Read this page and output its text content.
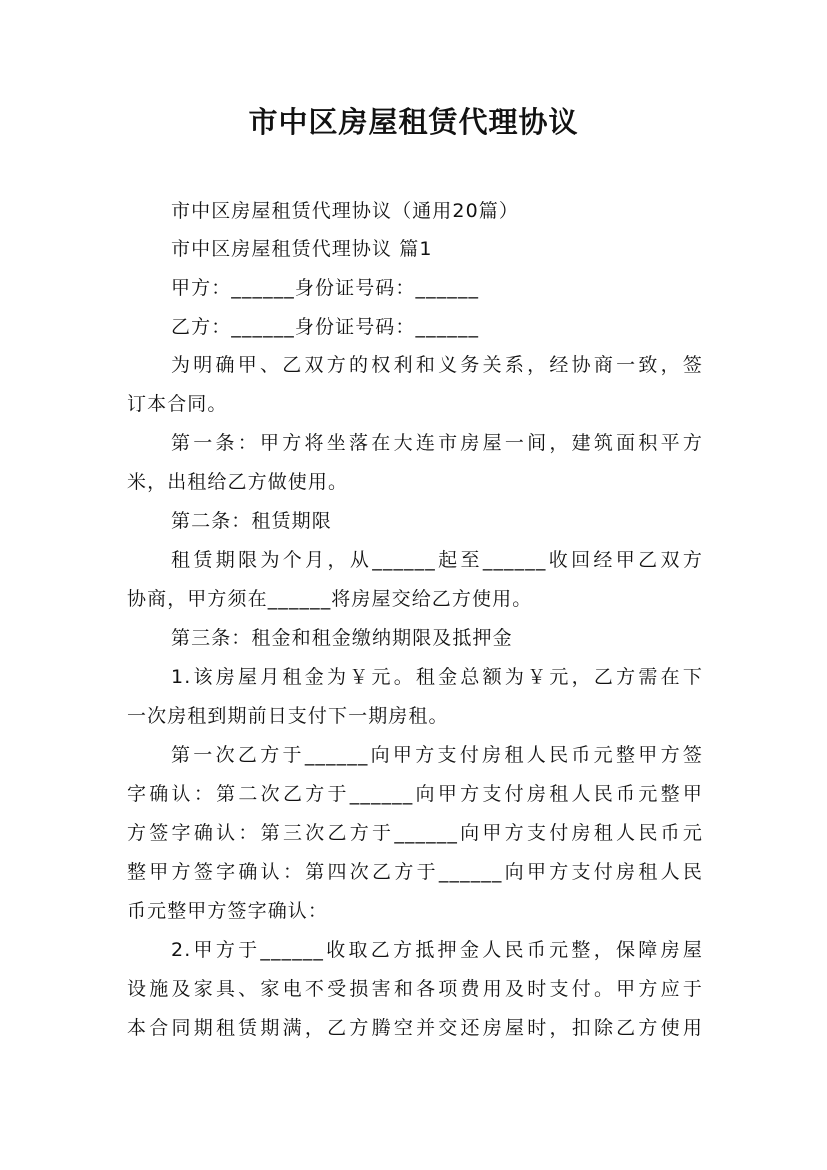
市中区房屋租赁代理协议
市中区房屋租赁代理协议（通用20篇）
市中区房屋租赁代理协议 篇1
甲方：______身份证号码：______
乙方：______身份证号码：______
为明确甲、乙双方的权利和义务关系，经协商一致，签
订本合同。
第一条：甲方将坐落在大连市房屋一间，建筑面积平方
米，出租给乙方做使用。
第二条：租赁期限
租赁期限为个月，从______起至______收回经甲乙双方
协商，甲方须在______将房屋交给乙方使用。
第三条：租金和租金缴纳期限及抵押金
1.该房屋月租金为￥元。租金总额为￥元，乙方需在下
一次房租到期前日支付下一期房租。
第一次乙方于______向甲方支付房租人民币元整甲方签
字确认：第二次乙方于______向甲方支付房租人民币元整甲
方签字确认：第三次乙方于______向甲方支付房租人民币元
整甲方签字确认：第四次乙方于______向甲方支付房租人民
币元整甲方签字确认：
2.甲方于______收取乙方抵押金人民币元整，保障房屋
设施及家具、家电不受损害和各项费用及时支付。甲方应于
本合同期租赁期满，乙方腾空并交还房屋时，扣除乙方使用
